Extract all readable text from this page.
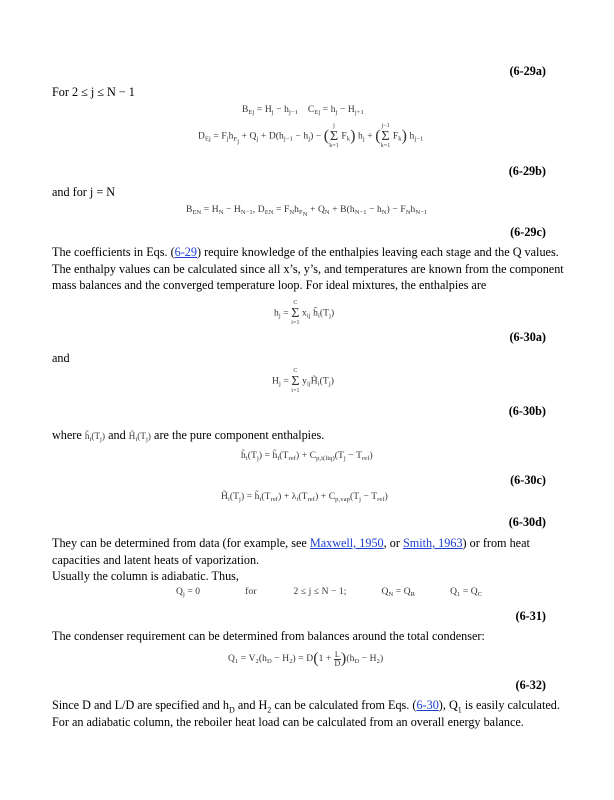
(6-29a)
For 2 ≤ j ≤ N − 1
$B_{Ej} = H_j - h_{j-1}$    $C_{Ej} = h_j - H_{j+1}$
$D_{Ej} = F_jh_{F_j} + Q_j + D(h_{j-1} - h_j) - (j$
Σ
k=1 $F_k$) $h_j + (j-1$
Σ
k=1 $F_k$) $h_{j-1}$
(6-29b)
and for j = N
$B_{EN} = H_N - H_{N-1}$, $D_{EN} = F_Nh_{F_N} + Q_N + B(h_{N-1} - h_N) - F_Nh_{N-1}$
(6-29c)
The coefficients in Eqs. (6-29) require knowledge of the enthalpies leaving each stage and the Q values. The enthalpy values can be calculated since all x’s, y’s, and temperatures are known from the component mass balances and the converged temperature loop. For ideal mixtures, the enthalpies are
$h_j = C$
Σ
i=1 $x_{ij}$ $h̃_i(T_j)$
(6-30a)
and
$H_j = C$
Σ
i=1 $y_{ij}H̃_i(T_j)$
(6-30b)
where $h̃_i(T_j)$ and $H̃_i(T_j)$ are the pure component enthalpies.
$h̃_i(T_j)$ = $h̃_i(T_{ref}) + C_{p,i(liq)}(T_j - T_{ref})$
(6-30c)
$H̃_i(T_j)$ = $h̃_i(T_{ref}) + \lambda_i(T_{ref}) + C_{p,vap}(T_j - T_{ref})$
(6-30d)
They can be determined from data (for example, see Maxwell, 1950, or Smith, 1963) or from heat capacities and latent heats of vaporization.
Usually the column is adiabatic. Thus,
$Q_j = 0$	for	2 ≤ j ≤ N − 1;	$Q_N = Q_R$	$Q_1 = Q_C$
(6-31)
The condenser requirement can be determined from balances around the total condenser:
$Q_1 = V_2(h_D - H_2) = D(1 + \frac{L}{D})(h_D - H_2)$
(6-32)
Since D and L/D are specified and $h_D$ and $H_2$ can be calculated from Eqs. (6-30), $Q_1$ is easily calculated.
For an adiabatic column, the reboiler heat load can be calculated from an overall energy balance.
